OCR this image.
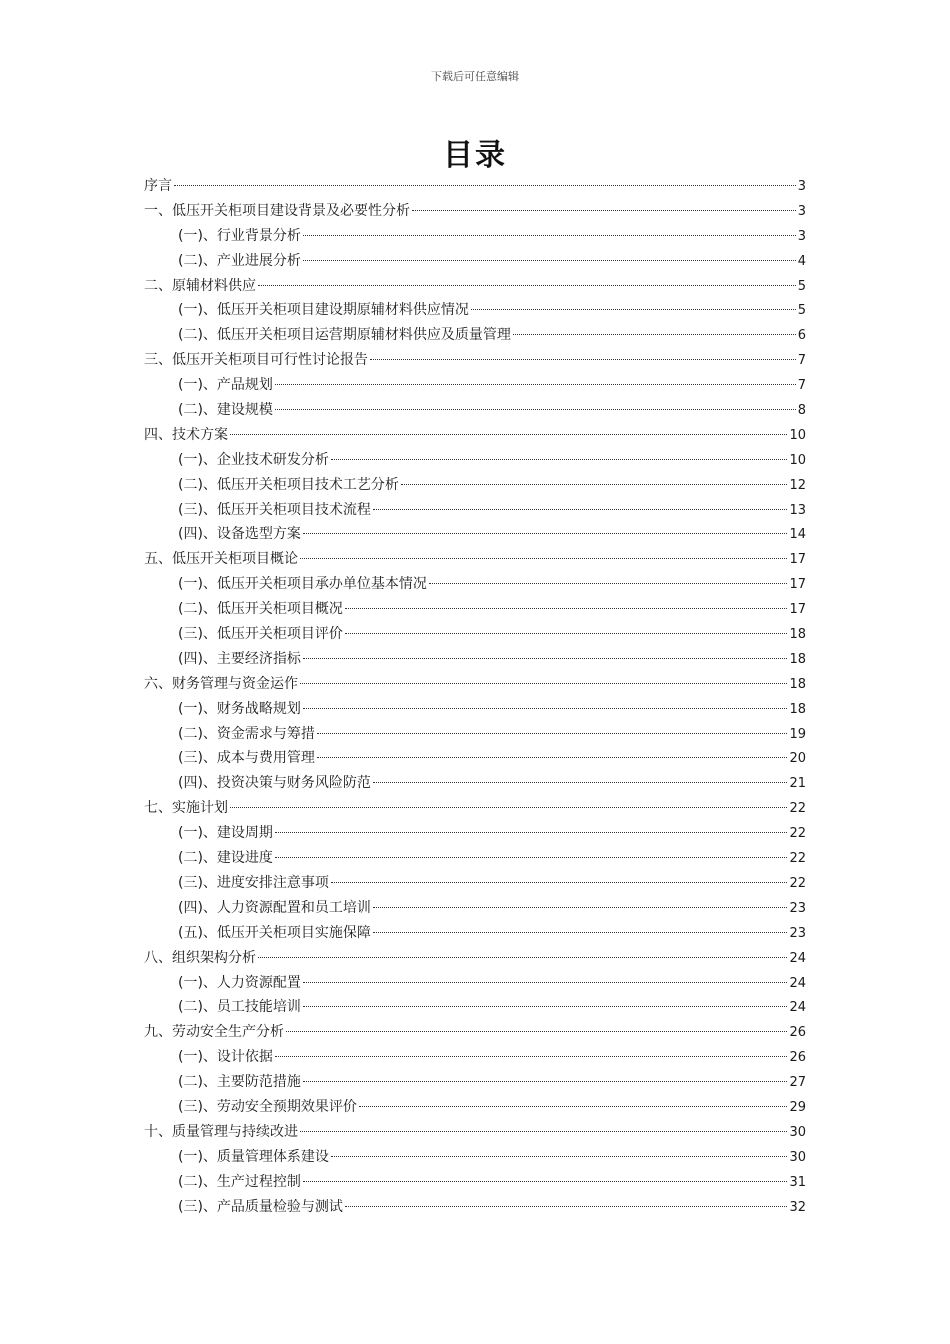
下载后可任意编辑
目录
序言	3
一、低压开关柜项目建设背景及必要性分析	3
(一)、行业背景分析	3
(二)、产业进展分析	4
二、原辅材料供应	5
(一)、低压开关柜项目建设期原辅材料供应情况	5
(二)、低压开关柜项目运营期原辅材料供应及质量管理	6
三、低压开关柜项目可行性讨论报告	7
(一)、产品规划	7
(二)、建设规模	8
四、技术方案	10
(一)、企业技术研发分析	10
(二)、低压开关柜项目技术工艺分析	12
(三)、低压开关柜项目技术流程	13
(四)、设备选型方案	14
五、低压开关柜项目概论	17
(一)、低压开关柜项目承办单位基本情况	17
(二)、低压开关柜项目概况	17
(三)、低压开关柜项目评价	18
(四)、主要经济指标	18
六、财务管理与资金运作	18
(一)、财务战略规划	18
(二)、资金需求与筹措	19
(三)、成本与费用管理	20
(四)、投资决策与财务风险防范	21
七、实施计划	22
(一)、建设周期	22
(二)、建设进度	22
(三)、进度安排注意事项	22
(四)、人力资源配置和员工培训	23
(五)、低压开关柜项目实施保障	23
八、组织架构分析	24
(一)、人力资源配置	24
(二)、员工技能培训	24
九、劳动安全生产分析	26
(一)、设计依据	26
(二)、主要防范措施	27
(三)、劳动安全预期效果评价	29
十、质量管理与持续改进	30
(一)、质量管理体系建设	30
(二)、生产过程控制	31
(三)、产品质量检验与测试	32
